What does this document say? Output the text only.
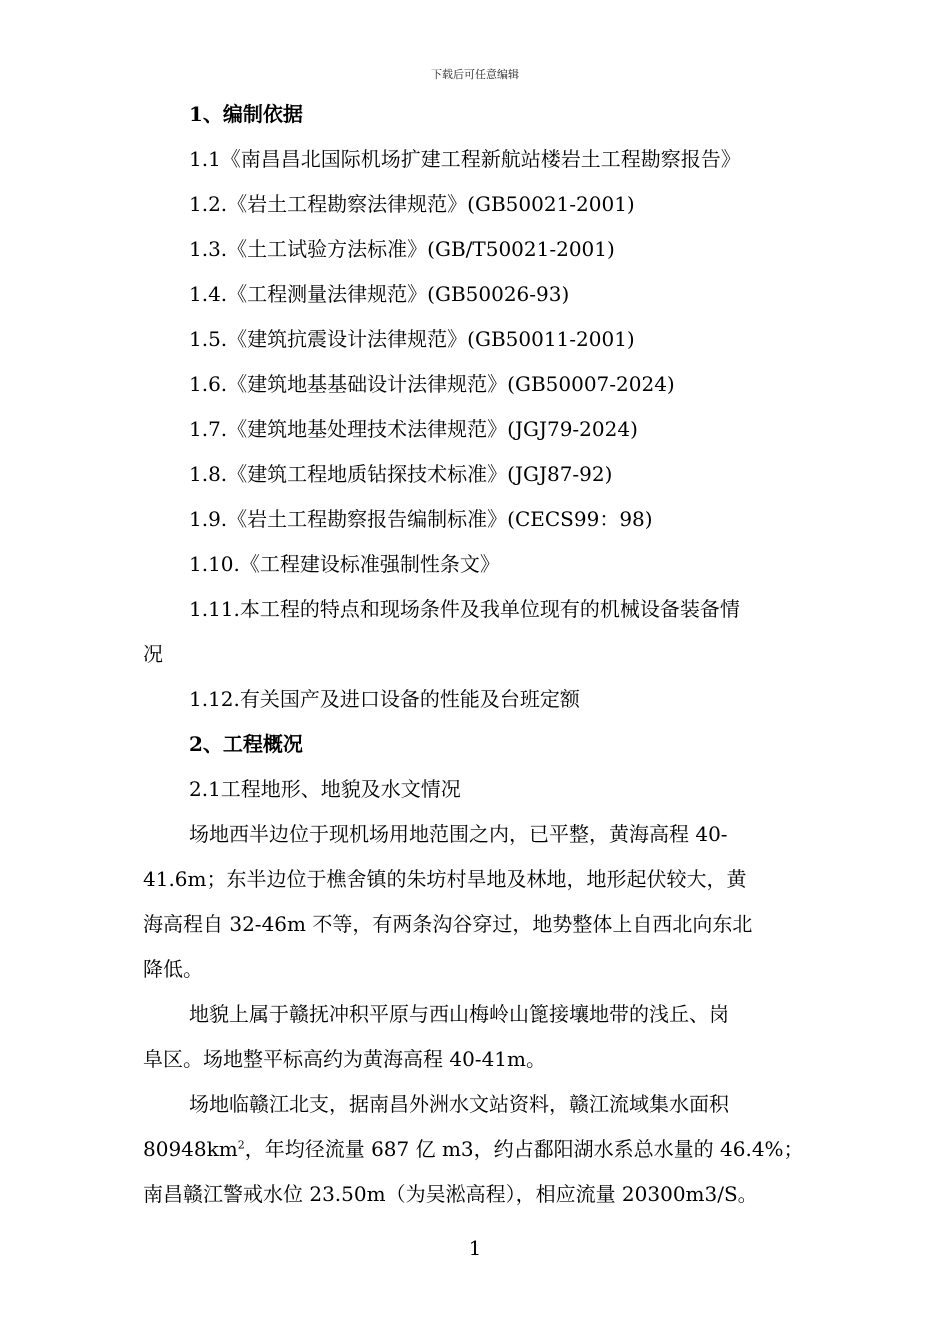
下载后可任意编辑
1、编制依据
1.1《南昌昌北国际机场扩建工程新航站楼岩土工程勘察报告》
1.2.《岩土工程勘察法律规范》(GB50021-2001)
1.3.《土工试验方法标准》(GB/T50021-2001)
1.4.《工程测量法律规范》(GB50026-93)
1.5.《建筑抗震设计法律规范》(GB50011-2001)
1.6.《建筑地基基础设计法律规范》(GB50007-2024)
1.7.《建筑地基处理技术法律规范》(JGJ79-2024)
1.8.《建筑工程地质钻探技术标准》(JGJ87-92)
1.9.《岩土工程勘察报告编制标准》(CECS99：98)
1.10.《工程建设标准强制性条文》
1.11.本工程的特点和现场条件及我单位现有的机械设备装备情
况
1.12.有关国产及进口设备的性能及台班定额
2、工程概况
2.1工程地形、地貌及水文情况
场地西半边位于现机场用地范围之内，已平整，黄海高程 40-
41.6m；东半边位于樵舍镇的朱坊村旱地及林地，地形起伏较大，黄
海高程自 32-46m 不等，有两条沟谷穿过，地势整体上自西北向东北
降低。
地貌上属于赣抚冲积平原与西山梅岭山篦接壤地带的浅丘、岗
阜区。场地整平标高约为黄海高程 40-41m。
场地临赣江北支，据南昌外洲水文站资料，赣江流域集水面积
$80948km^2$，年均径流量 687 亿 m3，约占鄱阳湖水系总水量的 46.4%；
南昌赣江警戒水位 23.50m（为吴淞高程），相应流量 20300m3/S。
1
